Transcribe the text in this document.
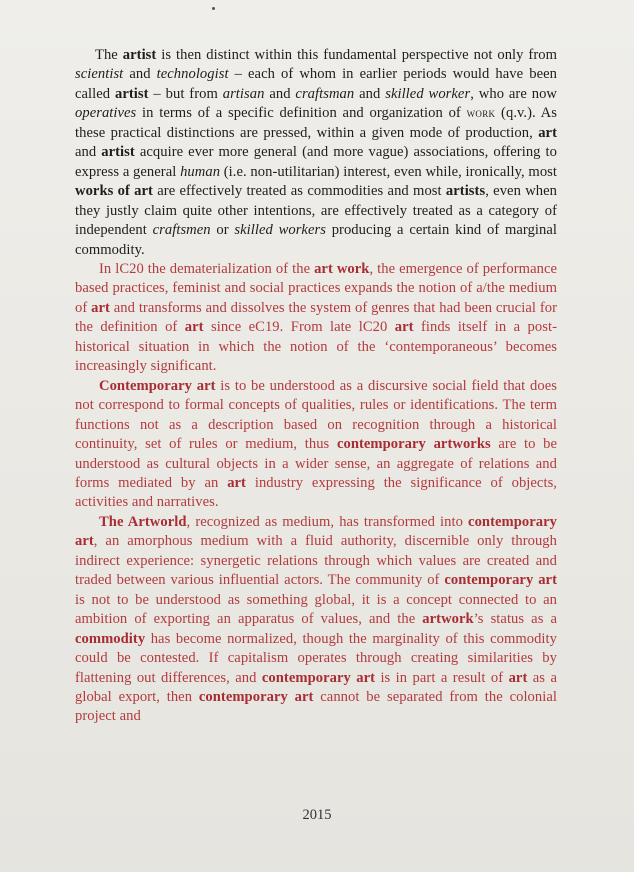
The artist is then distinct within this fundamental perspective not only from scientist and technologist – each of whom in earlier periods would have been called artist – but from artisan and craftsman and skilled worker, who are now operatives in terms of a specific definition and organization of work (q.v.). As these practical distinctions are pressed, within a given mode of production, art and artist acquire ever more general (and more vague) associations, offering to express a general human (i.e. non-utilitarian) interest, even while, ironically, most works of art are effectively treated as commodities and most artists, even when they justly claim quite other intentions, are effectively treated as a category of independent craftsmen or skilled workers producing a certain kind of marginal commodity.

In lC20 the dematerialization of the art work, the emergence of performance based practices, feminist and social practices expands the notion of a/the medium of art and transforms and dissolves the system of genres that had been crucial for the definition of art since eC19. From late lC20 art finds itself in a post-historical situation in which the notion of the ‘contemporaneous’ becomes increasingly significant.

Contemporary art is to be understood as a discursive social field that does not correspond to formal concepts of qualities, rules or identifications. The term functions not as a description based on recognition through a historical continuity, set of rules or medium, thus contemporary artworks are to be understood as cultural objects in a wider sense, an aggregate of relations and forms mediated by an art industry expressing the significance of objects, activities and narratives.

The Artworld, recognized as medium, has transformed into contemporary art, an amorphous medium with a fluid authority, discernible only through indirect experience: synergetic relations through which values are created and traded between various influential actors. The community of contemporary art is not to be understood as something global, it is a concept connected to an ambition of exporting an apparatus of values, and the artwork’s status as a commodity has become normalized, though the marginality of this commodity could be contested. If capitalism operates through creating similarities by flattening out differences, and contemporary art is in part a result of art as a global export, then contemporary art cannot be separated from the colonial project and

2015
